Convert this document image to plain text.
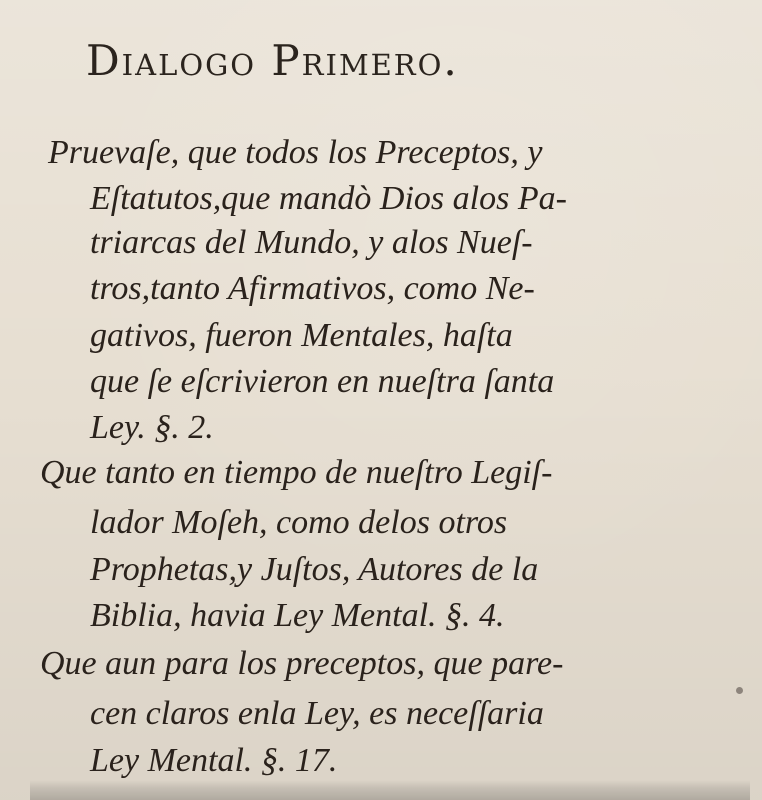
Dialogo Primero.
Pruevaſe, que todos los Preceptos, y
Eſtatutos,que mandò Dios alos Pa-
triarcas del Mundo, y alos Nueſ-
tros,tanto Afirmativos, como Ne-
gativos, fueron Mentales, haſta
que ſe eſcrivieron en nueſtra ſanta
Ley. §. 2.
Que tanto en tiempo de nueſtro Legiſ-
lador Moſeh, como delos otros
Prophetas,y Juſtos, Autores de la
Biblia, havia Ley Mental. §. 4.
Que aun para los preceptos, que pare-
cen claros enla Ley, es neceſſaria
Ley Mental. §. 17.
